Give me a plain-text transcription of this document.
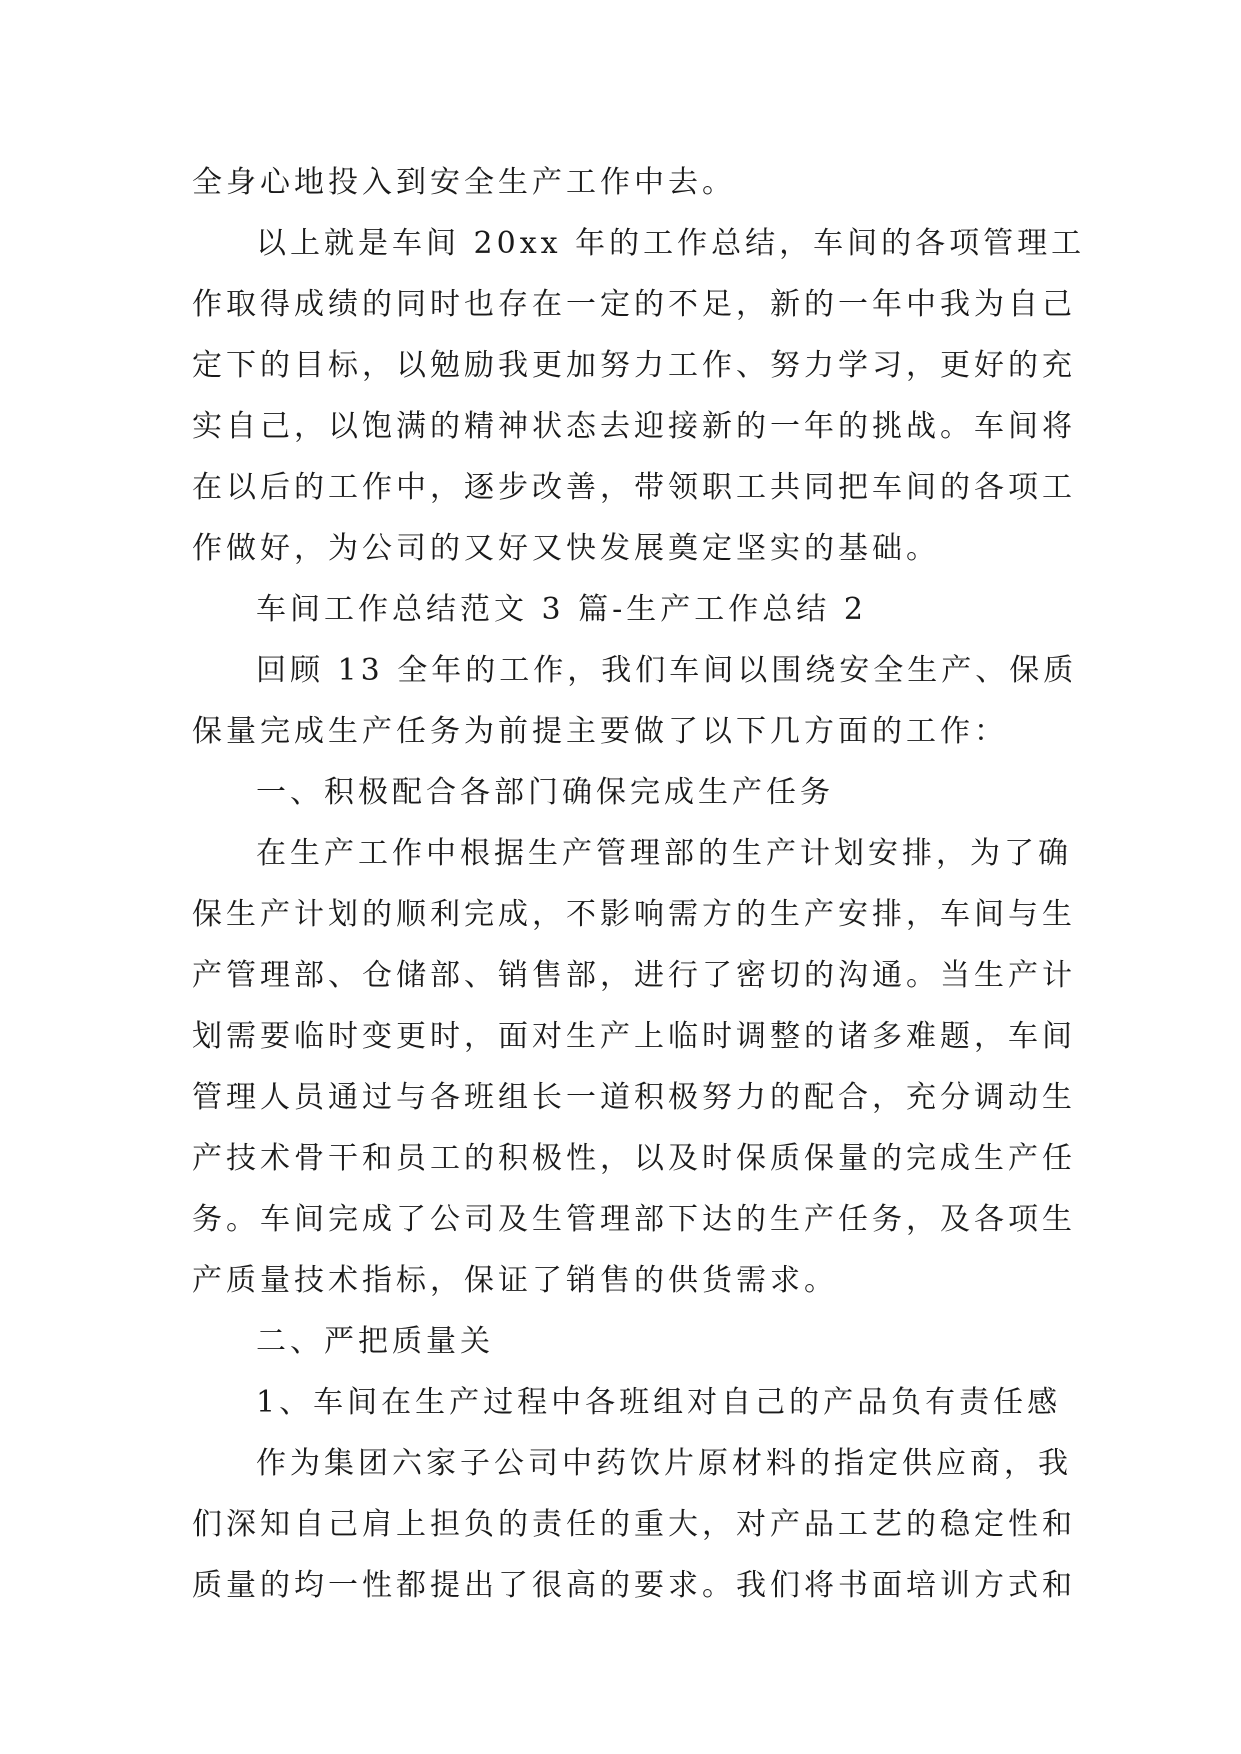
全身心地投入到安全生产工作中去。
以上就是车间 20xx 年的工作总结，车间的各项管理工
作取得成绩的同时也存在一定的不足，新的一年中我为自己
定下的目标，以勉励我更加努力工作、努力学习，更好的充
实自己，以饱满的精神状态去迎接新的一年的挑战。车间将
在以后的工作中，逐步改善，带领职工共同把车间的各项工
作做好，为公司的又好又快发展奠定坚实的基础。
车间工作总结范文 3 篇-生产工作总结 2
回顾 13 全年的工作，我们车间以围绕安全生产、保质
保量完成生产任务为前提主要做了以下几方面的工作：
一、积极配合各部门确保完成生产任务
在生产工作中根据生产管理部的生产计划安排，为了确
保生产计划的顺利完成，不影响需方的生产安排，车间与生
产管理部、仓储部、销售部，进行了密切的沟通。当生产计
划需要临时变更时，面对生产上临时调整的诸多难题，车间
管理人员通过与各班组长一道积极努力的配合，充分调动生
产技术骨干和员工的积极性，以及时保质保量的完成生产任
务。车间完成了公司及生管理部下达的生产任务，及各项生
产质量技术指标，保证了销售的供货需求。
二、严把质量关
1、车间在生产过程中各班组对自己的产品负有责任感
作为集团六家子公司中药饮片原材料的指定供应商，我
们深知自己肩上担负的责任的重大，对产品工艺的稳定性和
质量的均一性都提出了很高的要求。我们将书面培训方式和
